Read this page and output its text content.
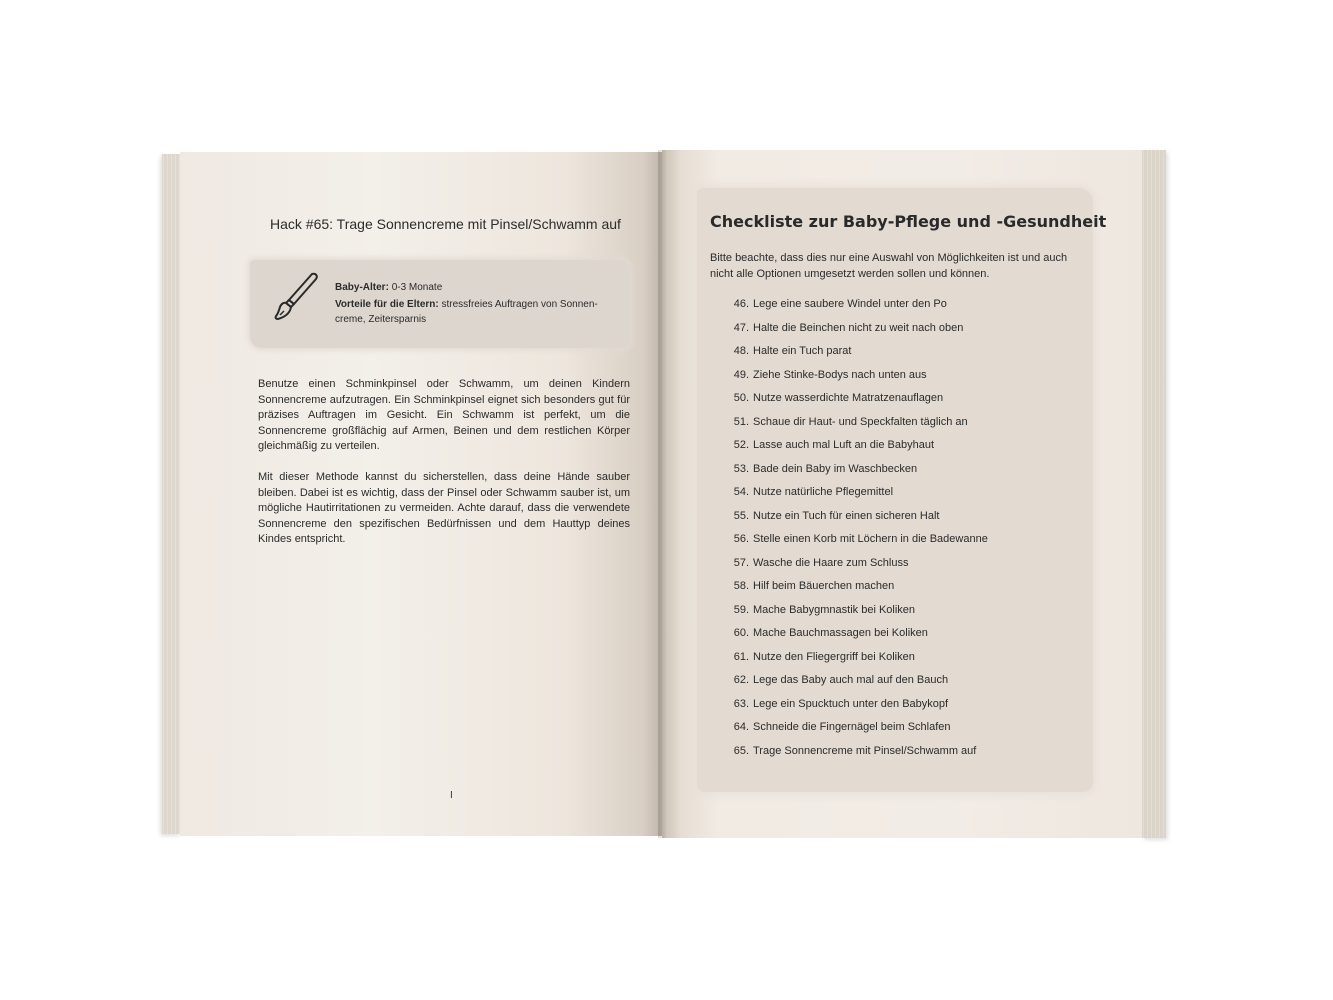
Hack #65: Trage Sonnencreme mit Pinsel/Schwamm auf
Baby-Alter: 0-3 Monate
Vorteile für die Eltern: stressfreies Auftragen von Sonnen-
creme, Zeitersparnis

Benutze einen Schminkpinsel oder Schwamm, um deinen Kindern Sonnencreme aufzutragen. Ein Schminkpinsel eignet sich besonders gut für präzises Auftragen im Gesicht. Ein Schwamm ist perfekt, um die Sonnencreme großflächig auf Armen, Beinen und dem restlichen Körper gleichmäßig zu verteilen.

Mit dieser Methode kannst du sicherstellen, dass deine Hände sauber bleiben. Dabei ist es wichtig, dass der Pinsel oder Schwamm sauber ist, um mögliche Hautirritationen zu vermeiden. Achte darauf, dass die verwendete Sonnencreme den spezifischen Bedürfnissen und dem Hauttyp deines Kindes entspricht.

I
Checkliste zur Baby-Pflege und -Gesundheit
Bitte beachte, dass dies nur eine Auswahl von Möglichkeiten ist und auch nicht alle Optionen umgesetzt werden sollen und können.
46. Lege eine saubere Windel unter den Po
47. Halte die Beinchen nicht zu weit nach oben
48. Halte ein Tuch parat
49. Ziehe Stinke-Bodys nach unten aus
50. Nutze wasserdichte Matratzenauflagen
51. Schaue dir Haut- und Speckfalten täglich an
52. Lasse auch mal Luft an die Babyhaut
53. Bade dein Baby im Waschbecken
54. Nutze natürliche Pflegemittel
55. Nutze ein Tuch für einen sicheren Halt
56. Stelle einen Korb mit Löchern in die Badewanne
57. Wasche die Haare zum Schluss
58. Hilf beim Bäuerchen machen
59. Mache Babygmnastik bei Koliken
60. Mache Bauchmassagen bei Koliken
61. Nutze den Fliegergriff bei Koliken
62. Lege das Baby auch mal auf den Bauch
63. Lege ein Spucktuch unter den Babykopf
64. Schneide die Fingernägel beim Schlafen
65. Trage Sonnencreme mit Pinsel/Schwamm auf
